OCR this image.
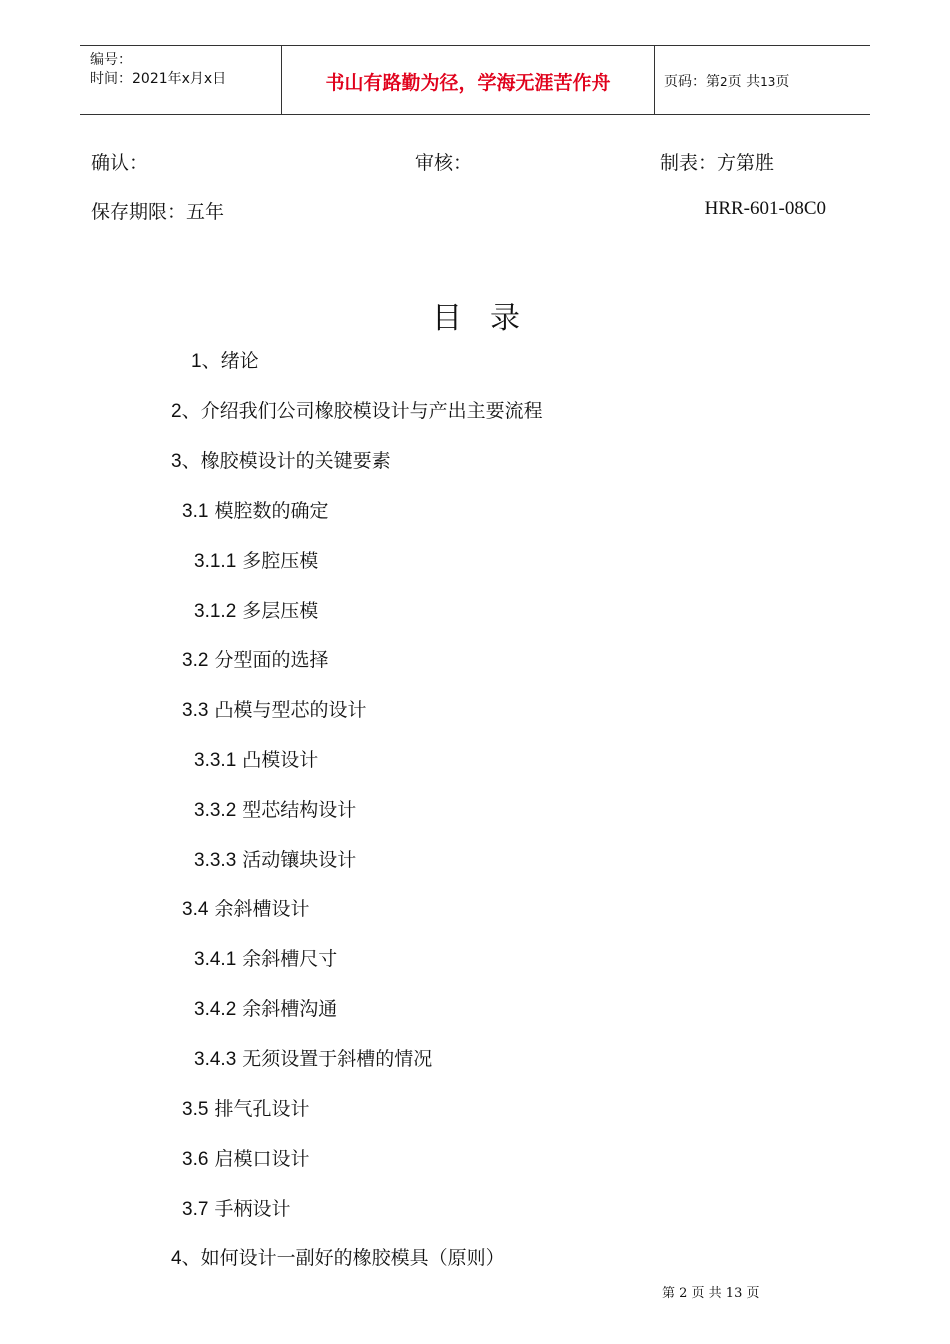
编号：
时间：2021年x月x日	书山有路勤为径，学海无涯苦作舟	页码：第2页 共13页
确认：	审核：	制表：方第胜
保存期限：五年	HRR-601-08C0
目录
1、绪论
2、介绍我们公司橡胶模设计与产出主要流程
3、橡胶模设计的关键要素
3.1 模腔数的确定
3.1.1 多腔压模
3.1.2 多层压模
3.2 分型面的选择
3.3 凸模与型芯的设计
3.3.1 凸模设计
3.3.2 型芯结构设计
3.3.3 活动镶块设计
3.4 余斜槽设计
3.4.1 余斜槽尺寸
3.4.2 余斜槽沟通
3.4.3 无须设置于斜槽的情况
3.5 排气孔设计
3.6 启模口设计
3.7 手柄设计
4、如何设计一副好的橡胶模具（原则）
第 2 页 共 13 页
